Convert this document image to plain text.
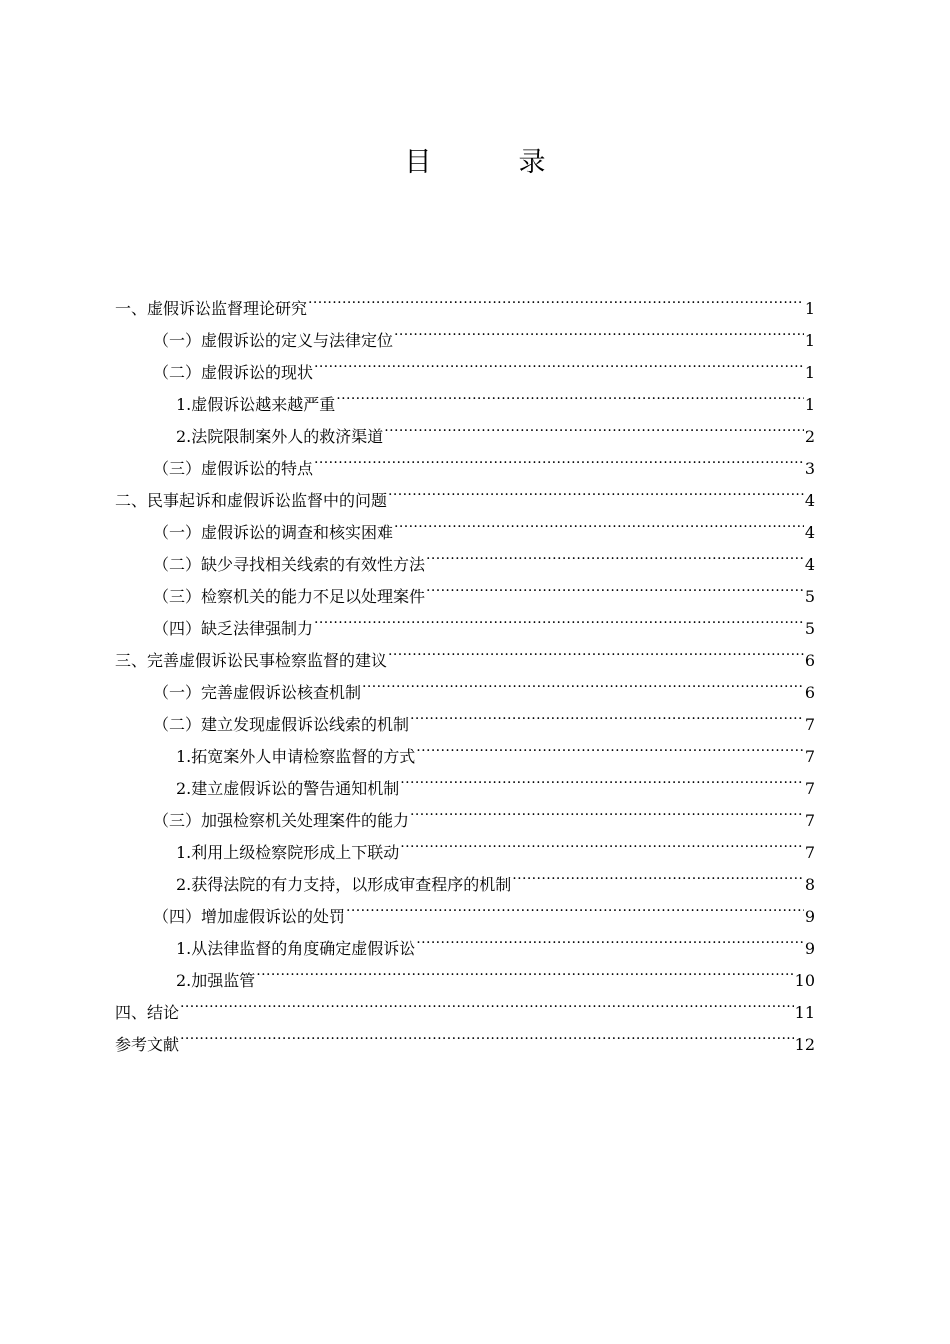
目　录
一、虚假诉讼监督理论研究 .....	1
（一）虚假诉讼的定义与法律定位 .....	1
（二）虚假诉讼的现状 .....	1
1.虚假诉讼越来越严重 .....	1
2.法院限制案外人的救济渠道 .....	2
（三）虚假诉讼的特点 .....	3
二、民事起诉和虚假诉讼监督中的问题 .....	4
（一）虚假诉讼的调查和核实困难 .....	4
（二）缺少寻找相关线索的有效性方法 .....	4
（三）检察机关的能力不足以处理案件 .....	5
（四）缺乏法律强制力 .....	5
三、完善虚假诉讼民事检察监督的建议 .....	6
（一）完善虚假诉讼核查机制 .....	6
（二）建立发现虚假诉讼线索的机制 .....	7
1.拓宽案外人申请检察监督的方式 .....	7
2.建立虚假诉讼的警告通知机制 .....	7
（三）加强检察机关处理案件的能力 .....	7
1.利用上级检察院形成上下联动 .....	7
2.获得法院的有力支持，以形成审查程序的机制 .....	8
（四）增加虚假诉讼的处罚 .....	9
1.从法律监督的角度确定虚假诉讼 .....	9
2.加强监管 .....	10
四、结论 .....	11
参考文献 .....	12
